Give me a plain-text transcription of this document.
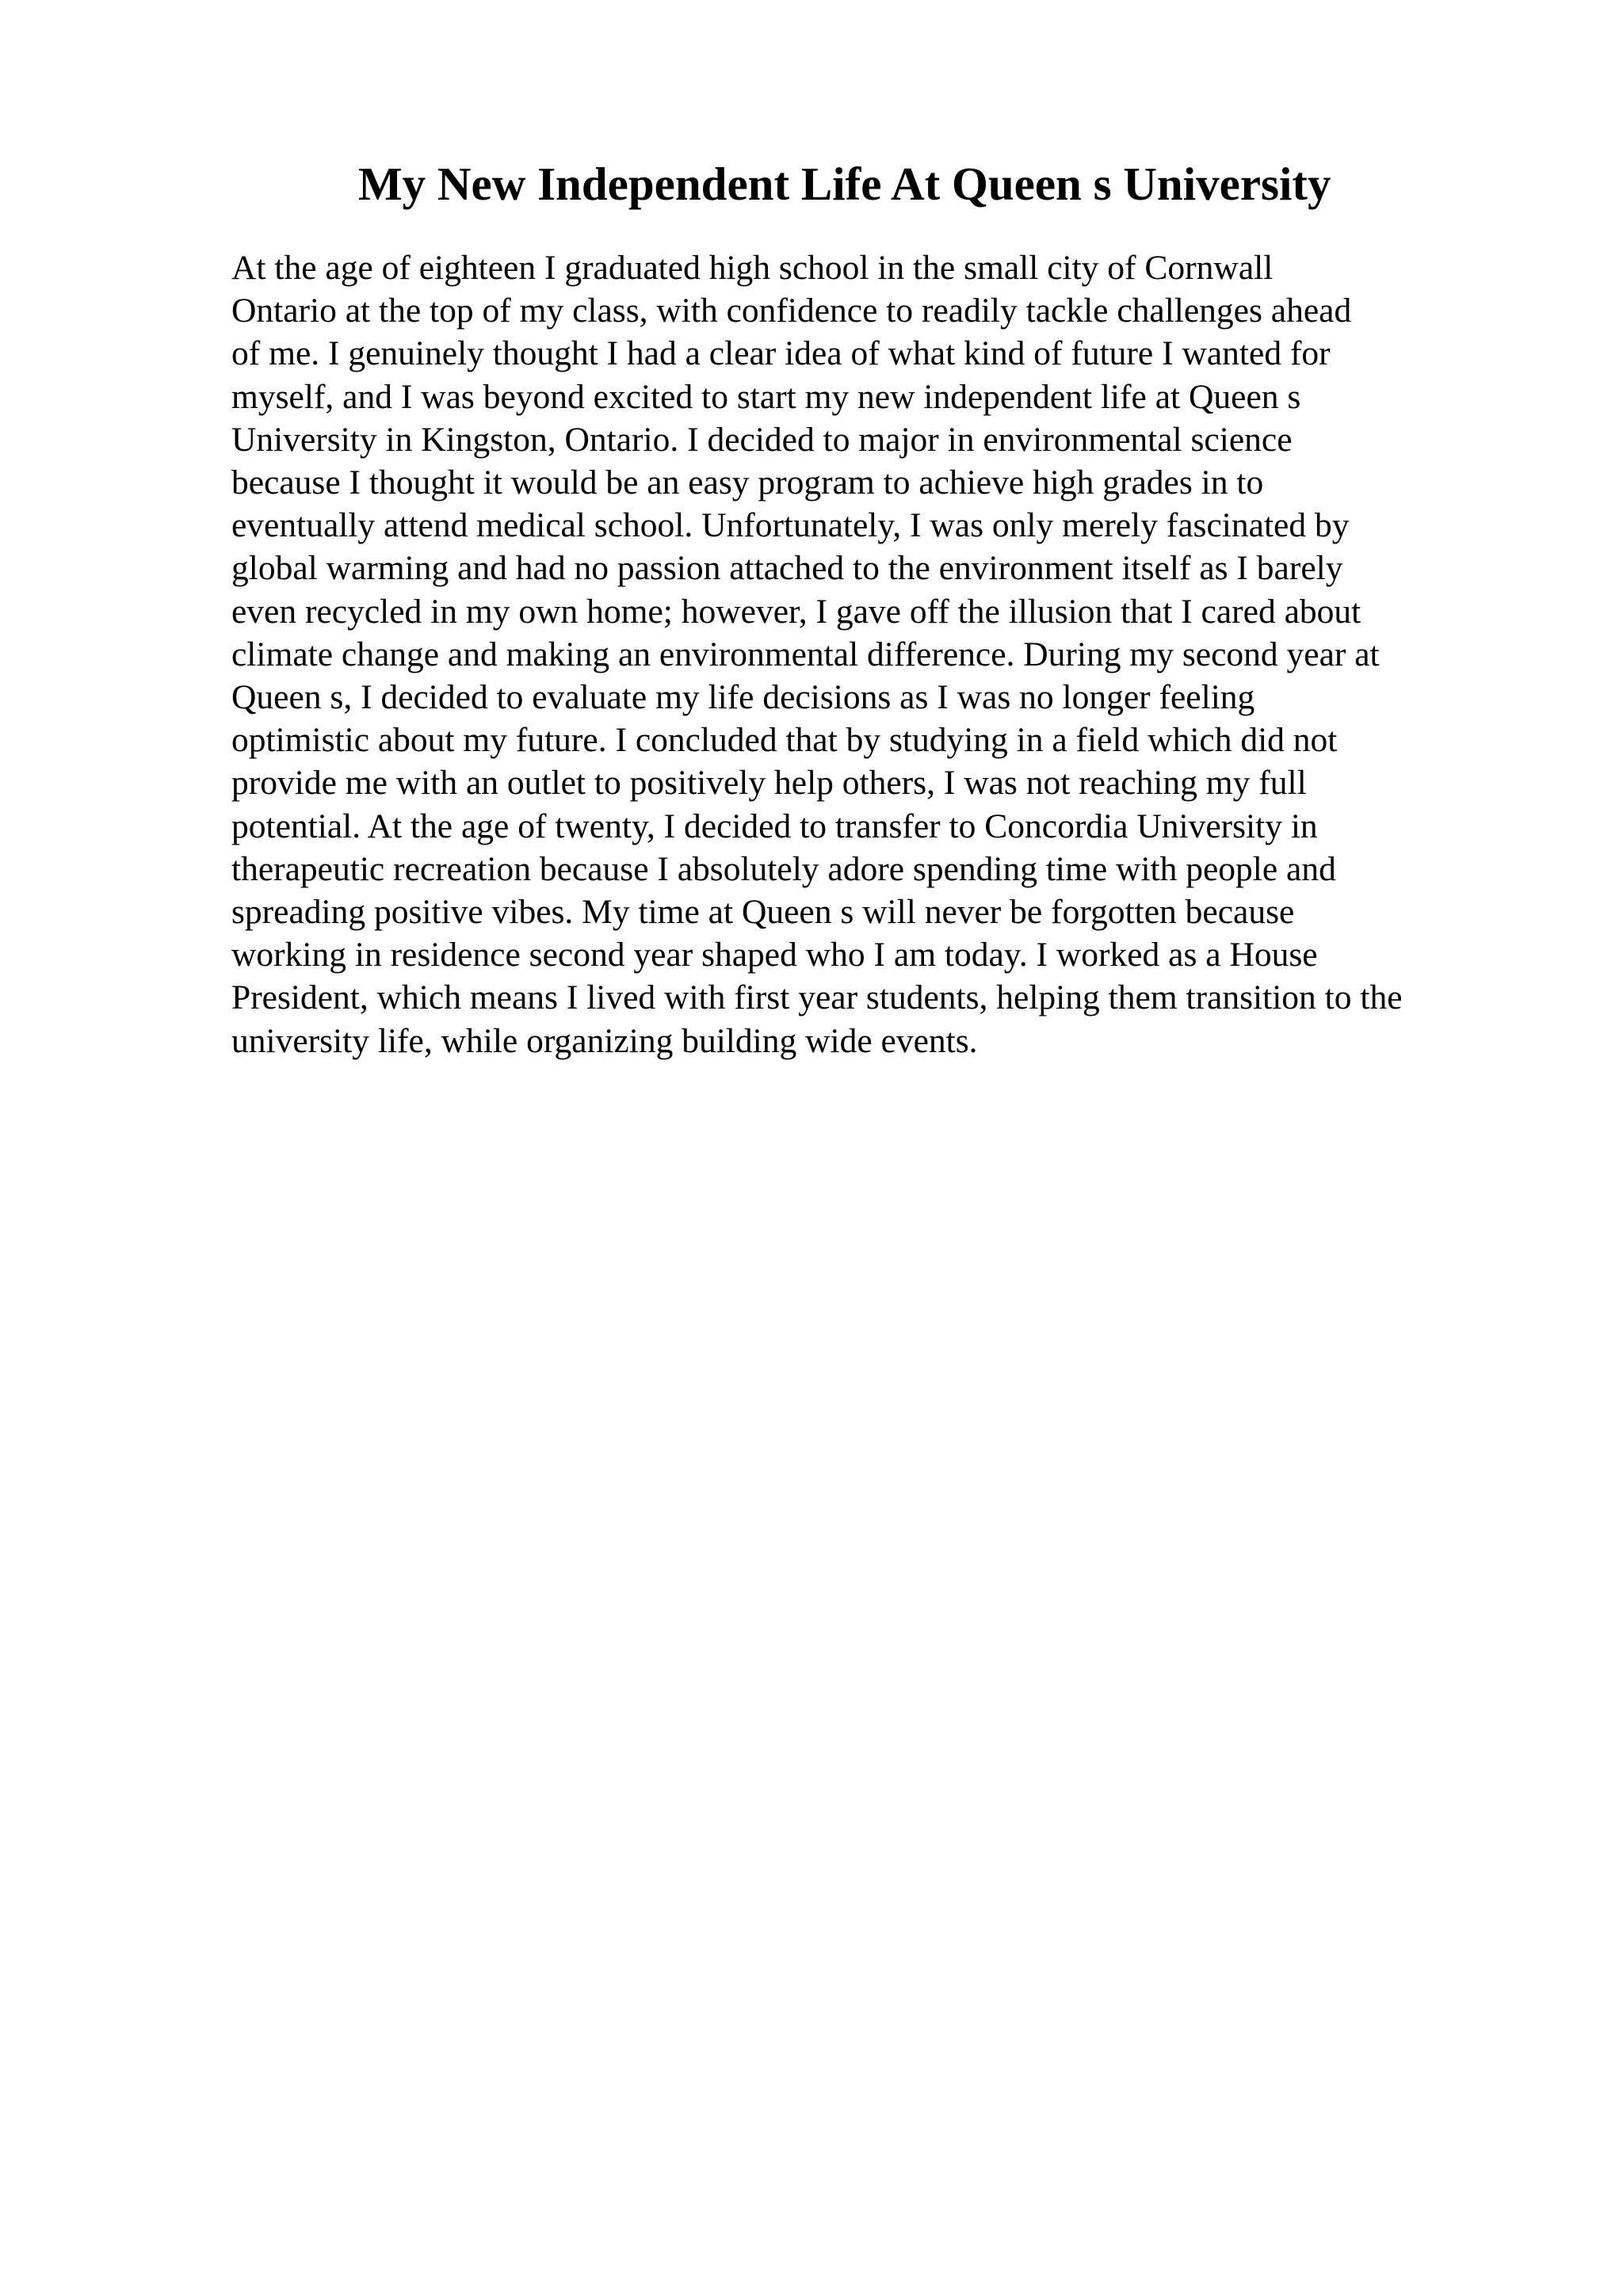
My New Independent Life At Queen s University
At the age of eighteen I graduated high school in the small city of Cornwall
Ontario at the top of my class, with confidence to readily tackle challenges ahead
of me. I genuinely thought I had a clear idea of what kind of future I wanted for
myself, and I was beyond excited to start my new independent life at Queen s
University in Kingston, Ontario. I decided to major in environmental science
because I thought it would be an easy program to achieve high grades in to
eventually attend medical school. Unfortunately, I was only merely fascinated by
global warming and had no passion attached to the environment itself as I barely
even recycled in my own home; however, I gave off the illusion that I cared about
climate change and making an environmental difference. During my second year at
Queen s, I decided to evaluate my life decisions as I was no longer feeling
optimistic about my future. I concluded that by studying in a field which did not
provide me with an outlet to positively help others, I was not reaching my full
potential. At the age of twenty, I decided to transfer to Concordia University in
therapeutic recreation because I absolutely adore spending time with people and
spreading positive vibes. My time at Queen s will never be forgotten because
working in residence second year shaped who I am today. I worked as a House
President, which means I lived with first year students, helping them transition to the
university life, while organizing building wide events.
